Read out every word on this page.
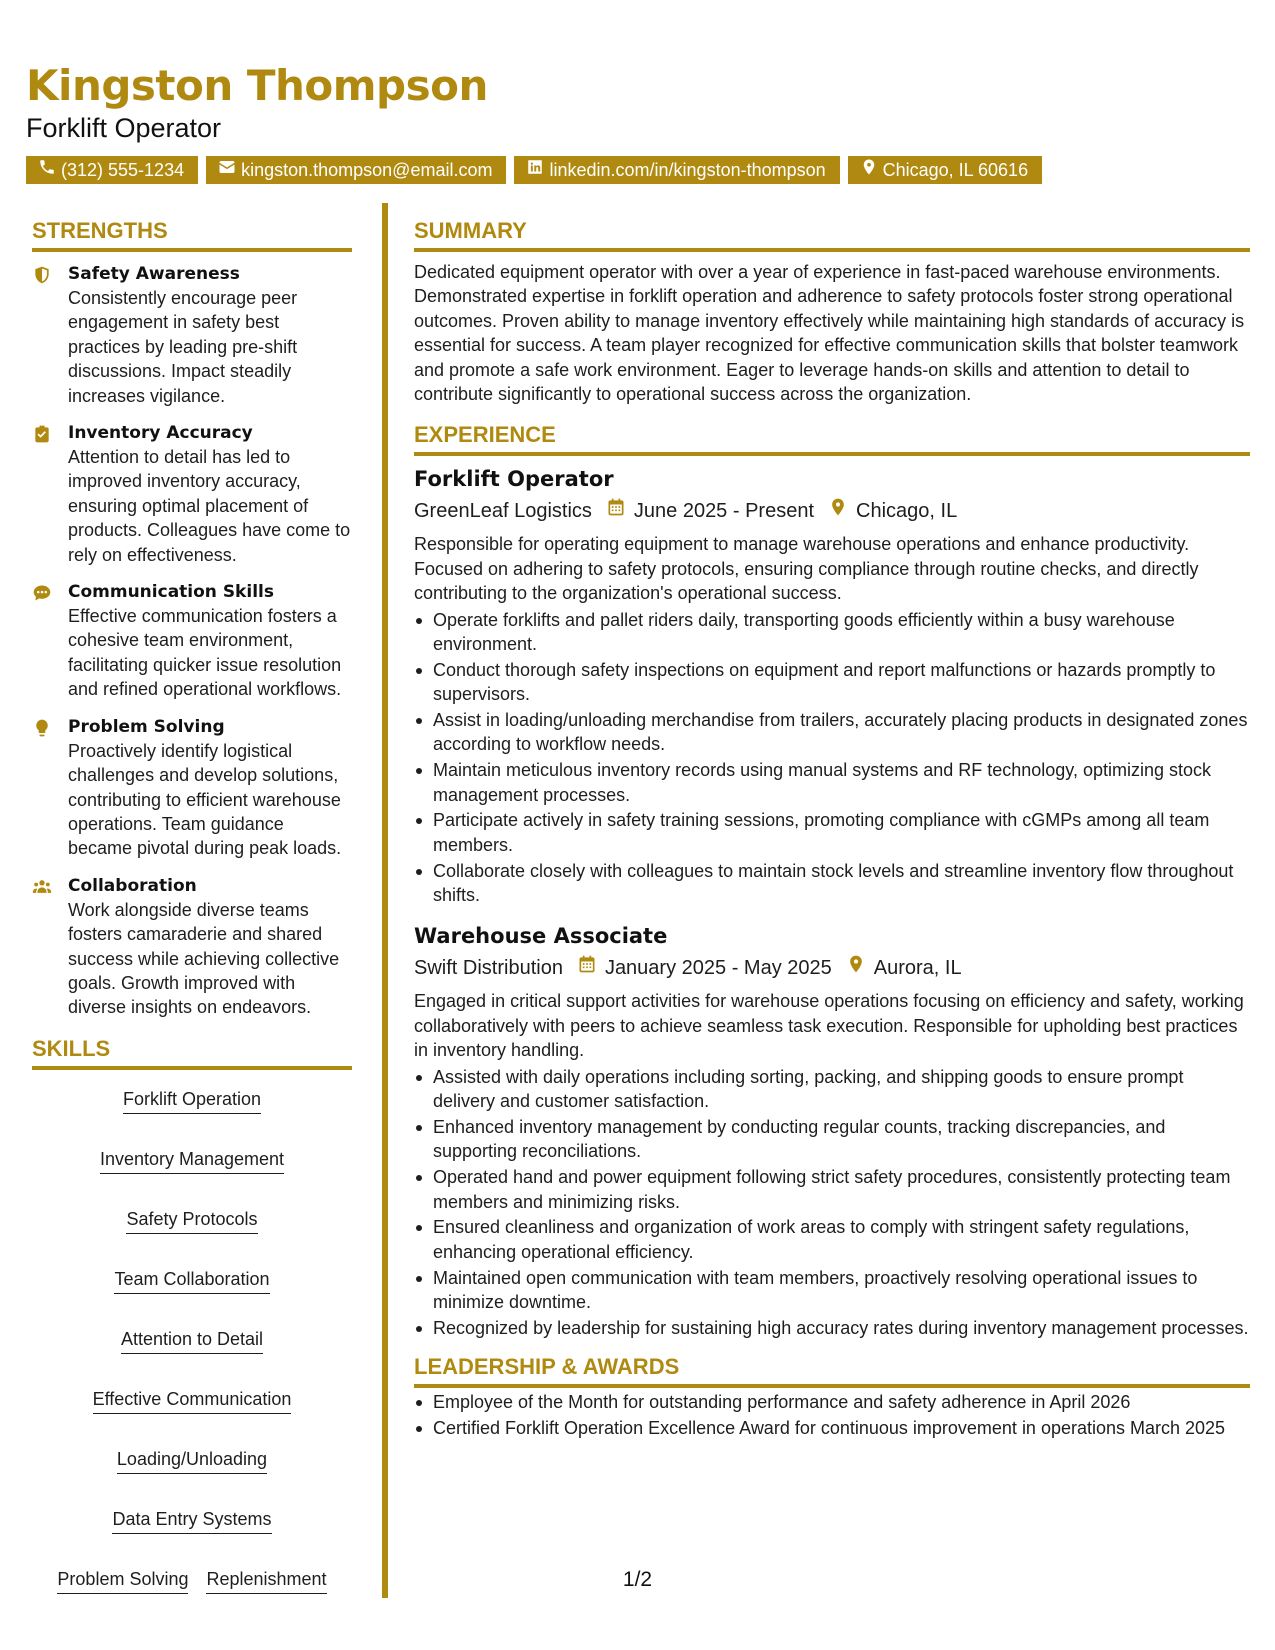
Kingston Thompson
Forklift Operator
(312) 555-1234	kingston.thompson@email.com	linkedin.com/in/kingston-thompson	Chicago, IL 60616
STRENGTHS
Safety Awareness
Consistently encourage peer engagement in safety best practices by leading pre-shift discussions. Impact steadily increases vigilance.
Inventory Accuracy
Attention to detail has led to improved inventory accuracy, ensuring optimal placement of products. Colleagues have come to rely on effectiveness.
Communication Skills
Effective communication fosters a cohesive team environment, facilitating quicker issue resolution and refined operational workflows.
Problem Solving
Proactively identify logistical challenges and develop solutions, contributing to efficient warehouse operations. Team guidance became pivotal during peak loads.
Collaboration
Work alongside diverse teams fosters camaraderie and shared success while achieving collective goals. Growth improved with diverse insights on endeavors.
SKILLS
Forklift Operation
Inventory Management
Safety Protocols
Team Collaboration
Attention to Detail
Effective Communication
Loading/Unloading
Data Entry Systems
Problem Solving Replenishment
SUMMARY
Dedicated equipment operator with over a year of experience in fast-paced warehouse environments. Demonstrated expertise in forklift operation and adherence to safety protocols foster strong operational outcomes. Proven ability to manage inventory effectively while maintaining high standards of accuracy is essential for success. A team player recognized for effective communication skills that bolster teamwork and promote a safe work environment. Eager to leverage hands-on skills and attention to detail to contribute significantly to operational success across the organization.
EXPERIENCE
Forklift Operator
GreenLeaf Logistics June 2025 - Present Chicago, IL
Responsible for operating equipment to manage warehouse operations and enhance productivity. Focused on adhering to safety protocols, ensuring compliance through routine checks, and directly contributing to the organization's operational success.
Operate forklifts and pallet riders daily, transporting goods efficiently within a busy warehouse environment.
Conduct thorough safety inspections on equipment and report malfunctions or hazards promptly to supervisors.
Assist in loading/unloading merchandise from trailers, accurately placing products in designated zones according to workflow needs.
Maintain meticulous inventory records using manual systems and RF technology, optimizing stock management processes.
Participate actively in safety training sessions, promoting compliance with cGMPs among all team members.
Collaborate closely with colleagues to maintain stock levels and streamline inventory flow throughout shifts.
Warehouse Associate
Swift Distribution January 2025 - May 2025 Aurora, IL
Engaged in critical support activities for warehouse operations focusing on efficiency and safety, working collaboratively with peers to achieve seamless task execution. Responsible for upholding best practices in inventory handling.
Assisted with daily operations including sorting, packing, and shipping goods to ensure prompt delivery and customer satisfaction.
Enhanced inventory management by conducting regular counts, tracking discrepancies, and supporting reconciliations.
Operated hand and power equipment following strict safety procedures, consistently protecting team members and minimizing risks.
Ensured cleanliness and organization of work areas to comply with stringent safety regulations, enhancing operational efficiency.
Maintained open communication with team members, proactively resolving operational issues to minimize downtime.
Recognized by leadership for sustaining high accuracy rates during inventory management processes.
LEADERSHIP & AWARDS
Employee of the Month for outstanding performance and safety adherence in April 2026
Certified Forklift Operation Excellence Award for continuous improvement in operations March 2025
1/2
